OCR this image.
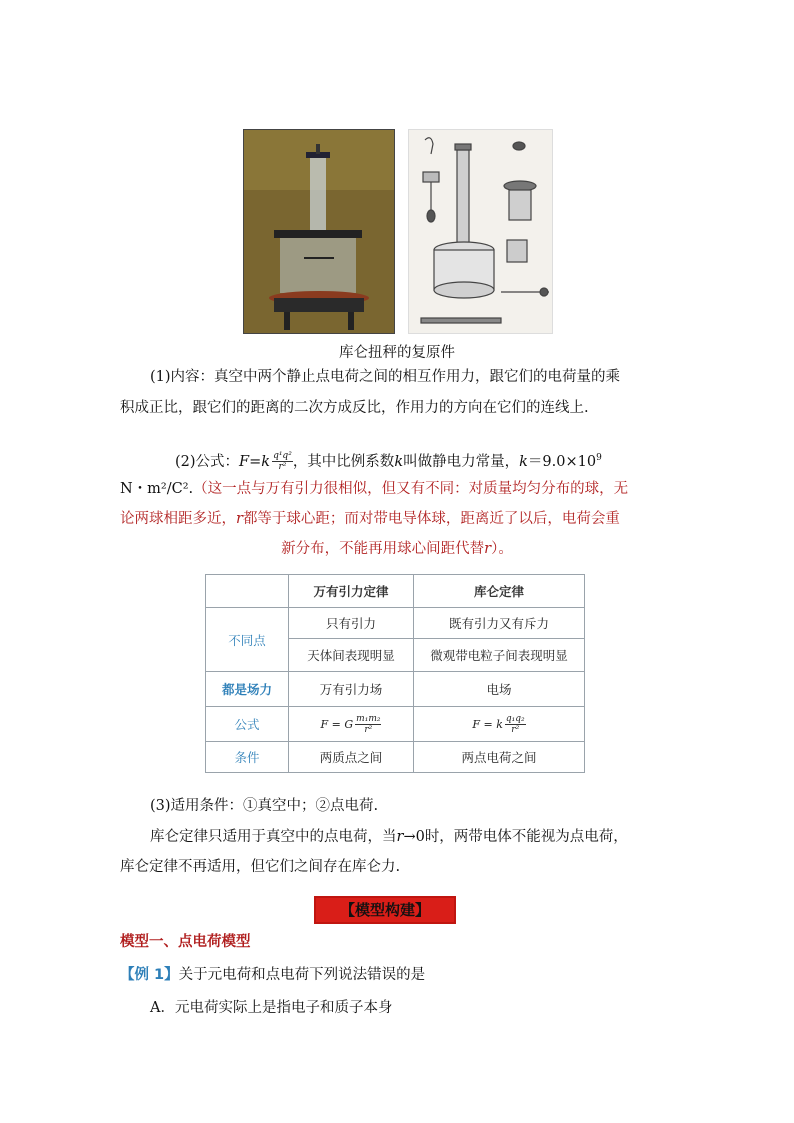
库仑扭秤的复原件
(1)内容：真空中两个静止点电荷之间的相互作用力，跟它们的电荷量的乘
积成正比，跟它们的距离的二次方成反比，作用力的方向在它们的连线上.
(2)公式：$F=k \frac{\text{q¹q²}}{\text{r²}}$ ，其中比例系数k叫做静电力常量，$k=9.0\times 10^9$
N・m²/C².（这一点与万有引力很相似，但又有不同：对质量均匀分布的球，无
论两球相距多近，r都等于球心距；而对带电导体球，距离近了以后，电荷会重
新分布，不能再用球心间距代替r）。
	万有引力定律	库仑定律
不同点	只有引力	既有引力又有斥力
	天体间表现明显	微观带电粒子间表现明显
都是场力	万有引力场	电场
公式	F = G $\frac{\text{m₁m₂}}{\text{r²}}$	F = k $\frac{\text{q₁q₂}}{\text{r²}}$

条件	两质点之间	两点电荷之间
(3)适用条件：①真空中；②点电荷.
库仑定律只适用于真空中的点电荷，当r→0时，两带电体不能视为点电荷，
库仑定律不再适用，但它们之间存在库仑力.
【模型构建】
模型一、点电荷模型
【例 1】关于元电荷和点电荷下列说法错误的是
A．元电荷实际上是指电子和质子本身
